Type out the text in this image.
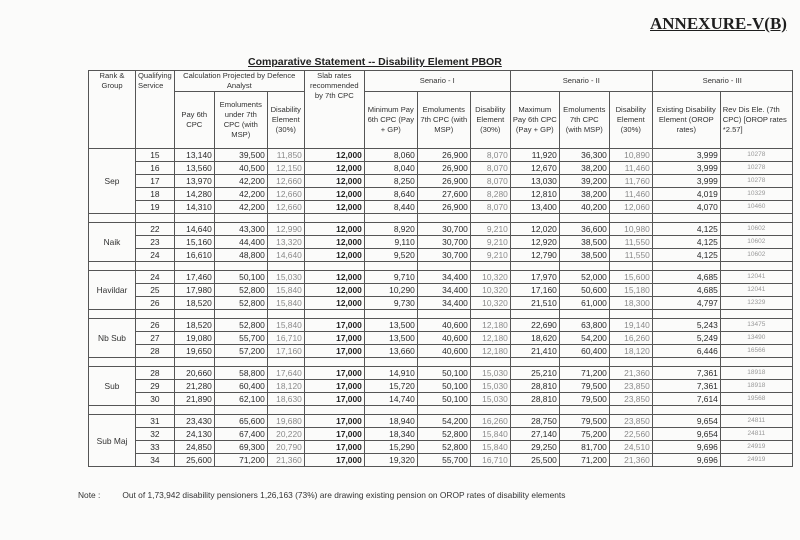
ANNEXURE-V(B)
Comparative Statement -- Disability Element PBOR
Rank & Group	Qualifying Service	Calculation Projected by Defence Analyst			Slab rates recommended by 7th CPC	Senario - I			Senario - II			Senario - III	
		Pay 6th CPC	Emoluments under 7th CPC (with MSP)	Disability Element (30%)		Minimum Pay 6th CPC (Pay + GP)	Emoluments 7th CPC (with MSP)	Disability Element (30%)	Maximum Pay 6th CPC (Pay + GP)	Emoluments 7th CPC (with MSP)	Disability Element (30%)	Existing Disability Element (OROP rates)	Rev Dis Ele. (7th CPC) [OROP rates *2.57]
Sep	15	13,140	39,500	11,850	12,000	8,060	26,900	8,070	11,920	36,300	10,890	3,999	10278
	16	13,560	40,500	12,150	12,000	8,040	26,900	8,070	12,670	38,200	11,460	3,999	10278
	17	13,970	42,200	12,660	12,000	8,250	26,900	8,070	13,030	39,200	11,760	3,999	10278
	18	14,280	42,200	12,660	12,000	8,640	27,600	8,280	12,810	38,200	11,460	4,019	10329
	19	14,310	42,200	12,660	12,000	8,440	26,900	8,070	13,400	40,200	12,060	4,070	10460

Naik	22	14,640	43,300	12,990	12,000	8,920	30,700	9,210	12,020	36,600	10,980	4,125	10602
	23	15,160	44,400	13,320	12,000	9,110	30,700	9,210	12,920	38,500	11,550	4,125	10602
	24	16,610	48,800	14,640	12,000	9,520	30,700	9,210	12,790	38,500	11,550	4,125	10602

Havildar	24	17,460	50,100	15,030	12,000	9,710	34,400	10,320	17,970	52,000	15,600	4,685	12041
	25	17,980	52,800	15,840	12,000	10,290	34,400	10,320	17,160	50,600	15,180	4,685	12041
	26	18,520	52,800	15,840	12,000	9,730	34,400	10,320	21,510	61,000	18,300	4,797	12329

Nb Sub	26	18,520	52,800	15,840	17,000	13,500	40,600	12,180	22,690	63,800	19,140	5,243	13475
	27	19,080	55,700	16,710	17,000	13,500	40,600	12,180	18,620	54,200	16,260	5,249	13490
	28	19,650	57,200	17,160	17,000	13,660	40,600	12,180	21,410	60,400	18,120	6,446	16566

Sub	28	20,660	58,800	17,640	17,000	14,910	50,100	15,030	25,210	71,200	21,360	7,361	18918
	29	21,280	60,400	18,120	17,000	15,720	50,100	15,030	28,810	79,500	23,850	7,361	18918
	30	21,890	62,100	18,630	17,000	14,740	50,100	15,030	28,810	79,500	23,850	7,614	19568

Sub Maj	31	23,430	65,600	19,680	17,000	18,940	54,200	16,260	28,750	79,500	23,850	9,654	24811
	32	24,130	67,400	20,220	17,000	18,340	52,800	15,840	27,140	75,200	22,560	9,654	24811
	33	24,850	69,300	20,790	17,000	15,290	52,800	15,840	29,250	81,700	24,510	9,696	24919
	34	25,600	71,200	21,360	17,000	19,320	55,700	16,710	25,500	71,200	21,360	9,696	24919
Note :	Out of 1,73,942 disability pensioners 1,26,163 (73%) are drawing existing pension on OROP rates of disability elements
